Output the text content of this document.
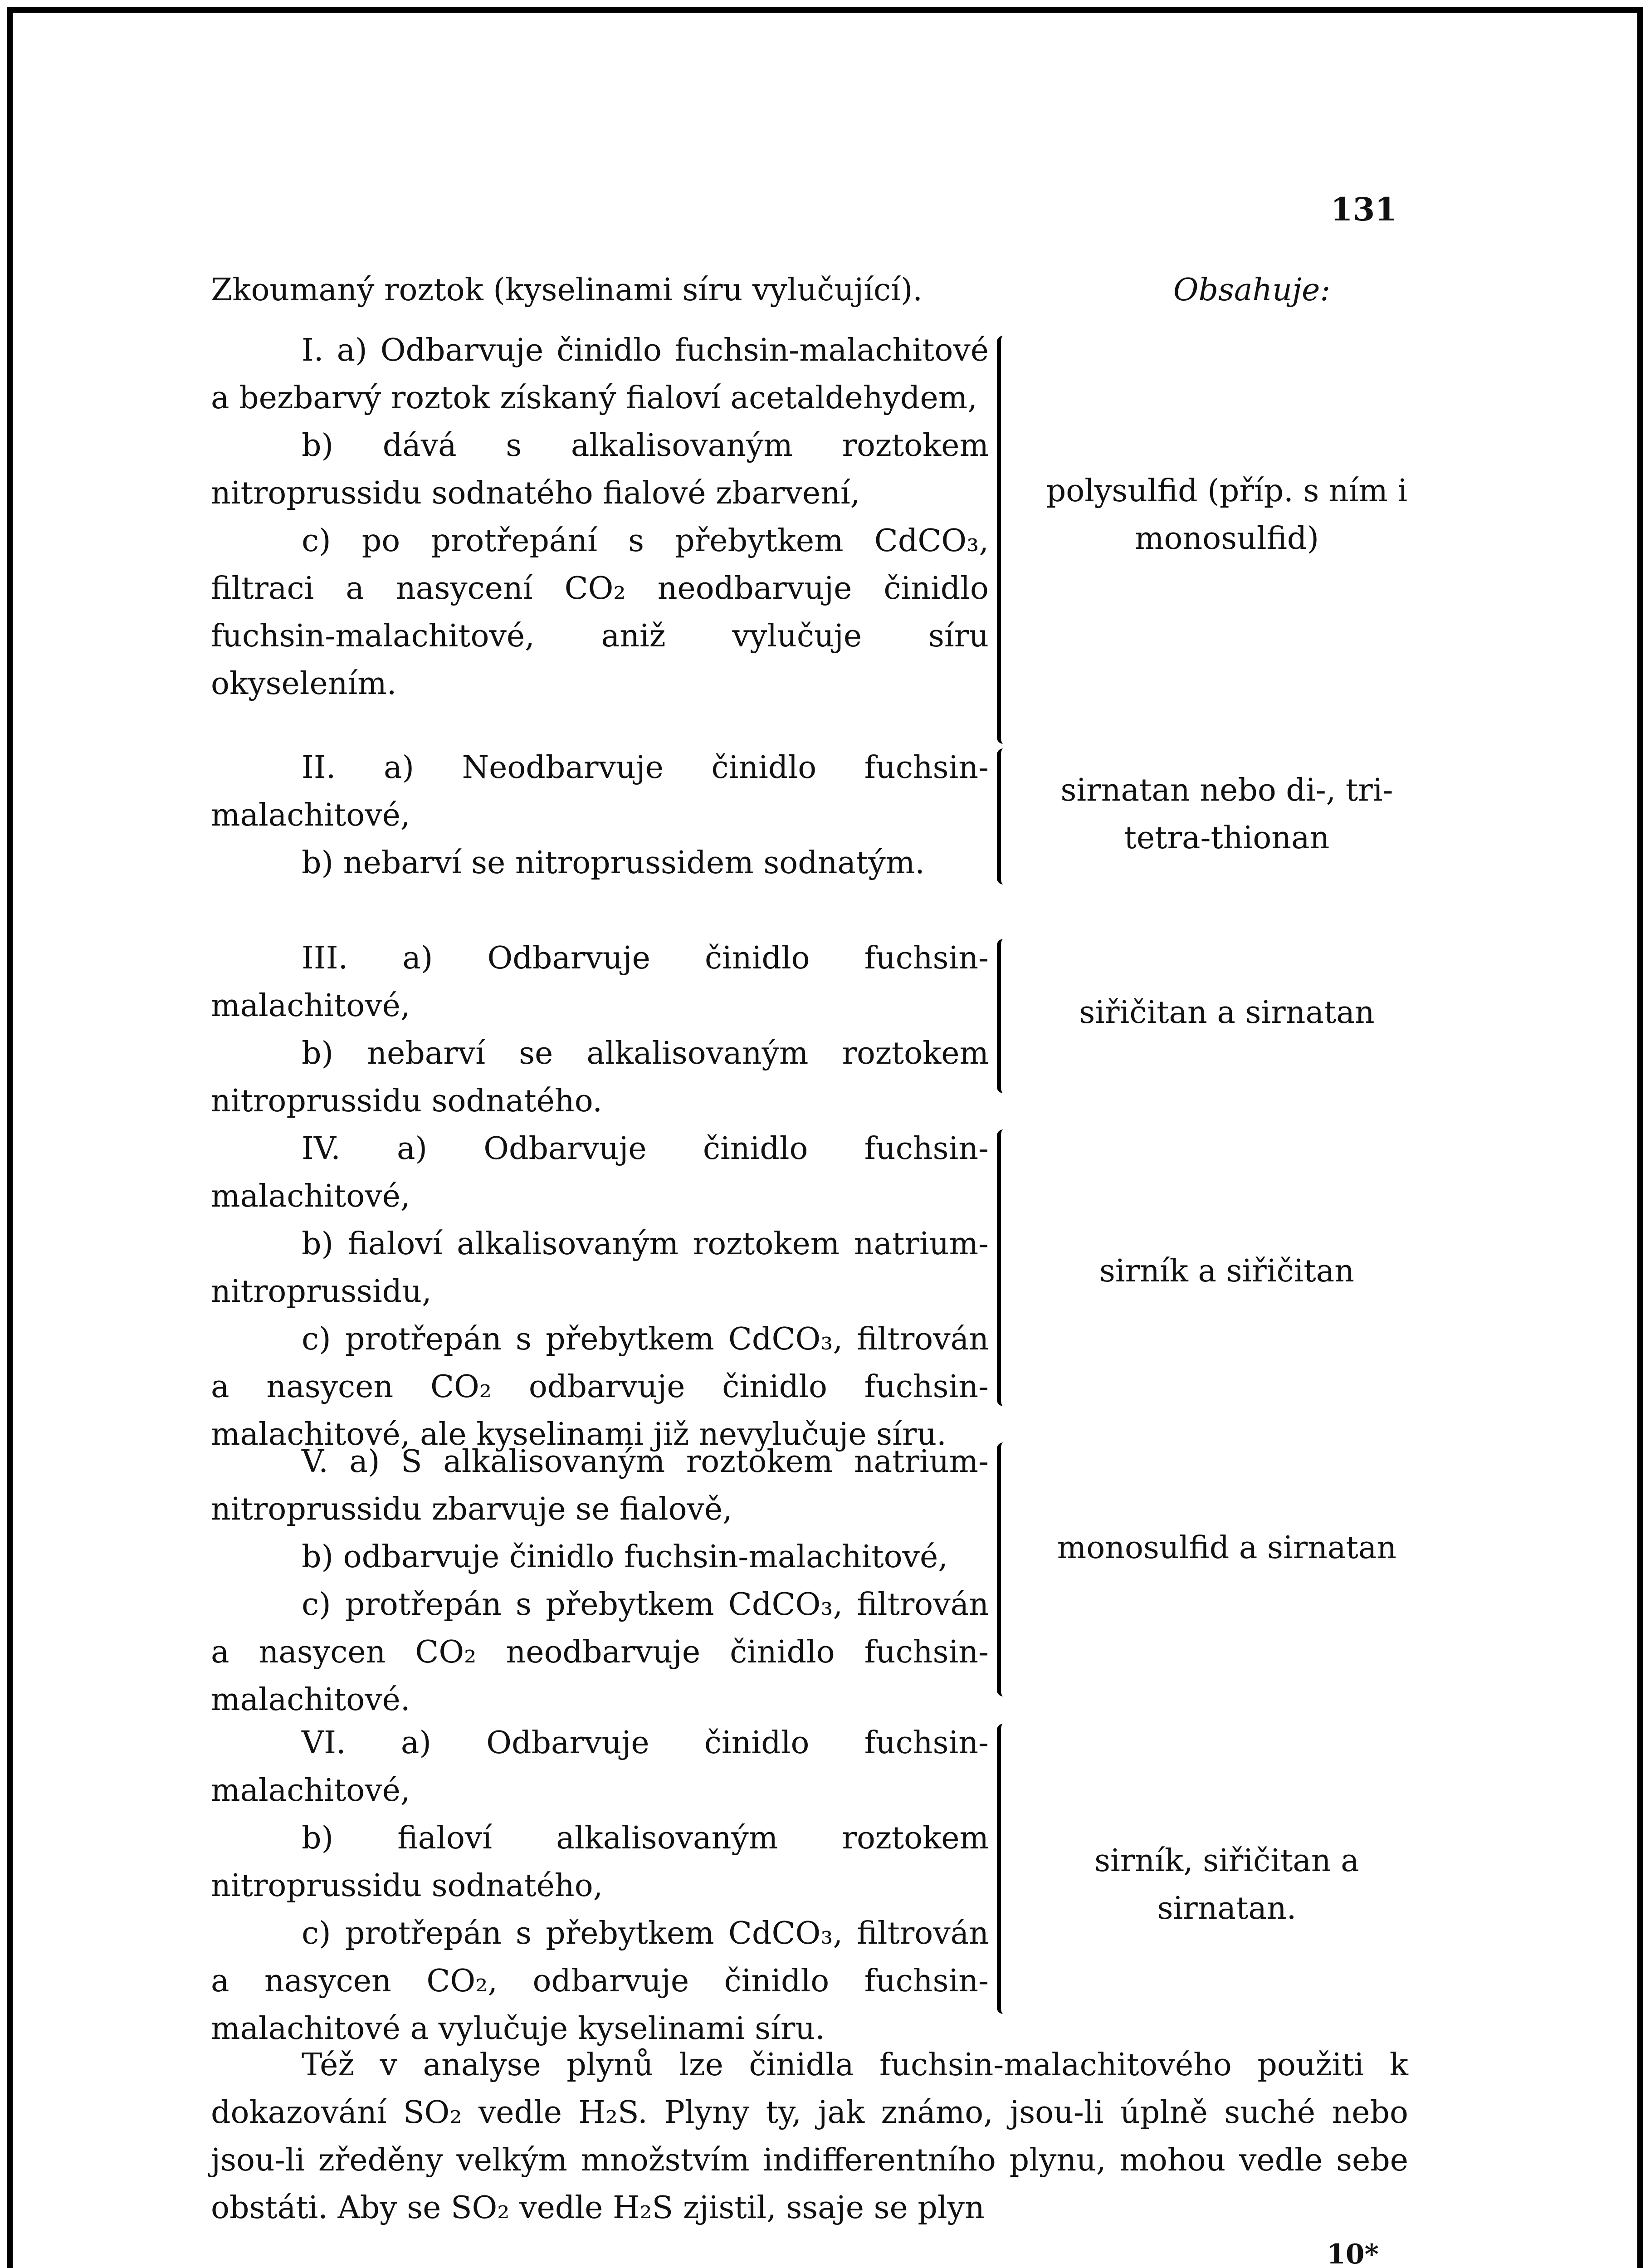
131
Zkoumaný roztok (kyselinami síru vylučující).	Obsahuje:

I. a) Odbarvuje činidlo fuchsin-malachitové a bezbarvý roztok získaný fialoví acetaldehydem,

b) dává s alkalisovaným roztokem nitroprussidu sodnatého fialové zbarvení,

c) po protřepání s přebytkem CdCO₃, filtraci a nasycení CO₂ neodbarvuje činidlo fuchsin-malachitové, aniž vylučuje síru okyselením.

polysulfid (příp. s ním i monosulfid)

II. a) Neodbarvuje činidlo fuchsin-malachitové,

b) nebarví se nitroprussidem sodnatým.

sirnatan nebo di-, tri-tetra-thionan

III. a) Odbarvuje činidlo fuchsin-malachitové,

b) nebarví se alkalisovaným roztokem nitroprussidu sodnatého.

siřičitan a sirnatan

IV. a) Odbarvuje činidlo fuchsin-malachitové,

b) fialoví alkalisovaným roztokem natrium-nitroprussidu,

c) protřepán s přebytkem CdCO₃, filtrován a nasycen CO₂ odbarvuje činidlo fuchsin-malachitové, ale kyselinami již nevylučuje síru.

sirník a siřičitan

V. a) S alkalisovaným roztokem natrium-nitroprussidu zbarvuje se fialově,

b) odbarvuje činidlo fuchsin-malachitové,

c) protřepán s přebytkem CdCO₃, filtrován a nasycen CO₂ neodbarvuje činidlo fuchsin-malachitové.

monosulfid a sirnatan

VI. a) Odbarvuje činidlo fuchsin-malachitové,

b) fialoví alkalisovaným roztokem nitroprussidu sodnatého,

c) protřepán s přebytkem CdCO₃, filtrován a nasycen CO₂, odbarvuje činidlo fuchsin-malachitové a vylučuje kyselinami síru.

sirník, siřičitan a sirnatan.

Též v analyse plynů lze činidla fuchsin-malachitového použiti k dokazování SO₂ vedle H₂S. Plyny ty, jak známo, jsou-li úplně suché nebo jsou-li zředěny velkým množstvím indifferentního plynu, mohou vedle sebe obstáti. Aby se SO₂ vedle H₂S zjistil, ssaje se plyn

10*
